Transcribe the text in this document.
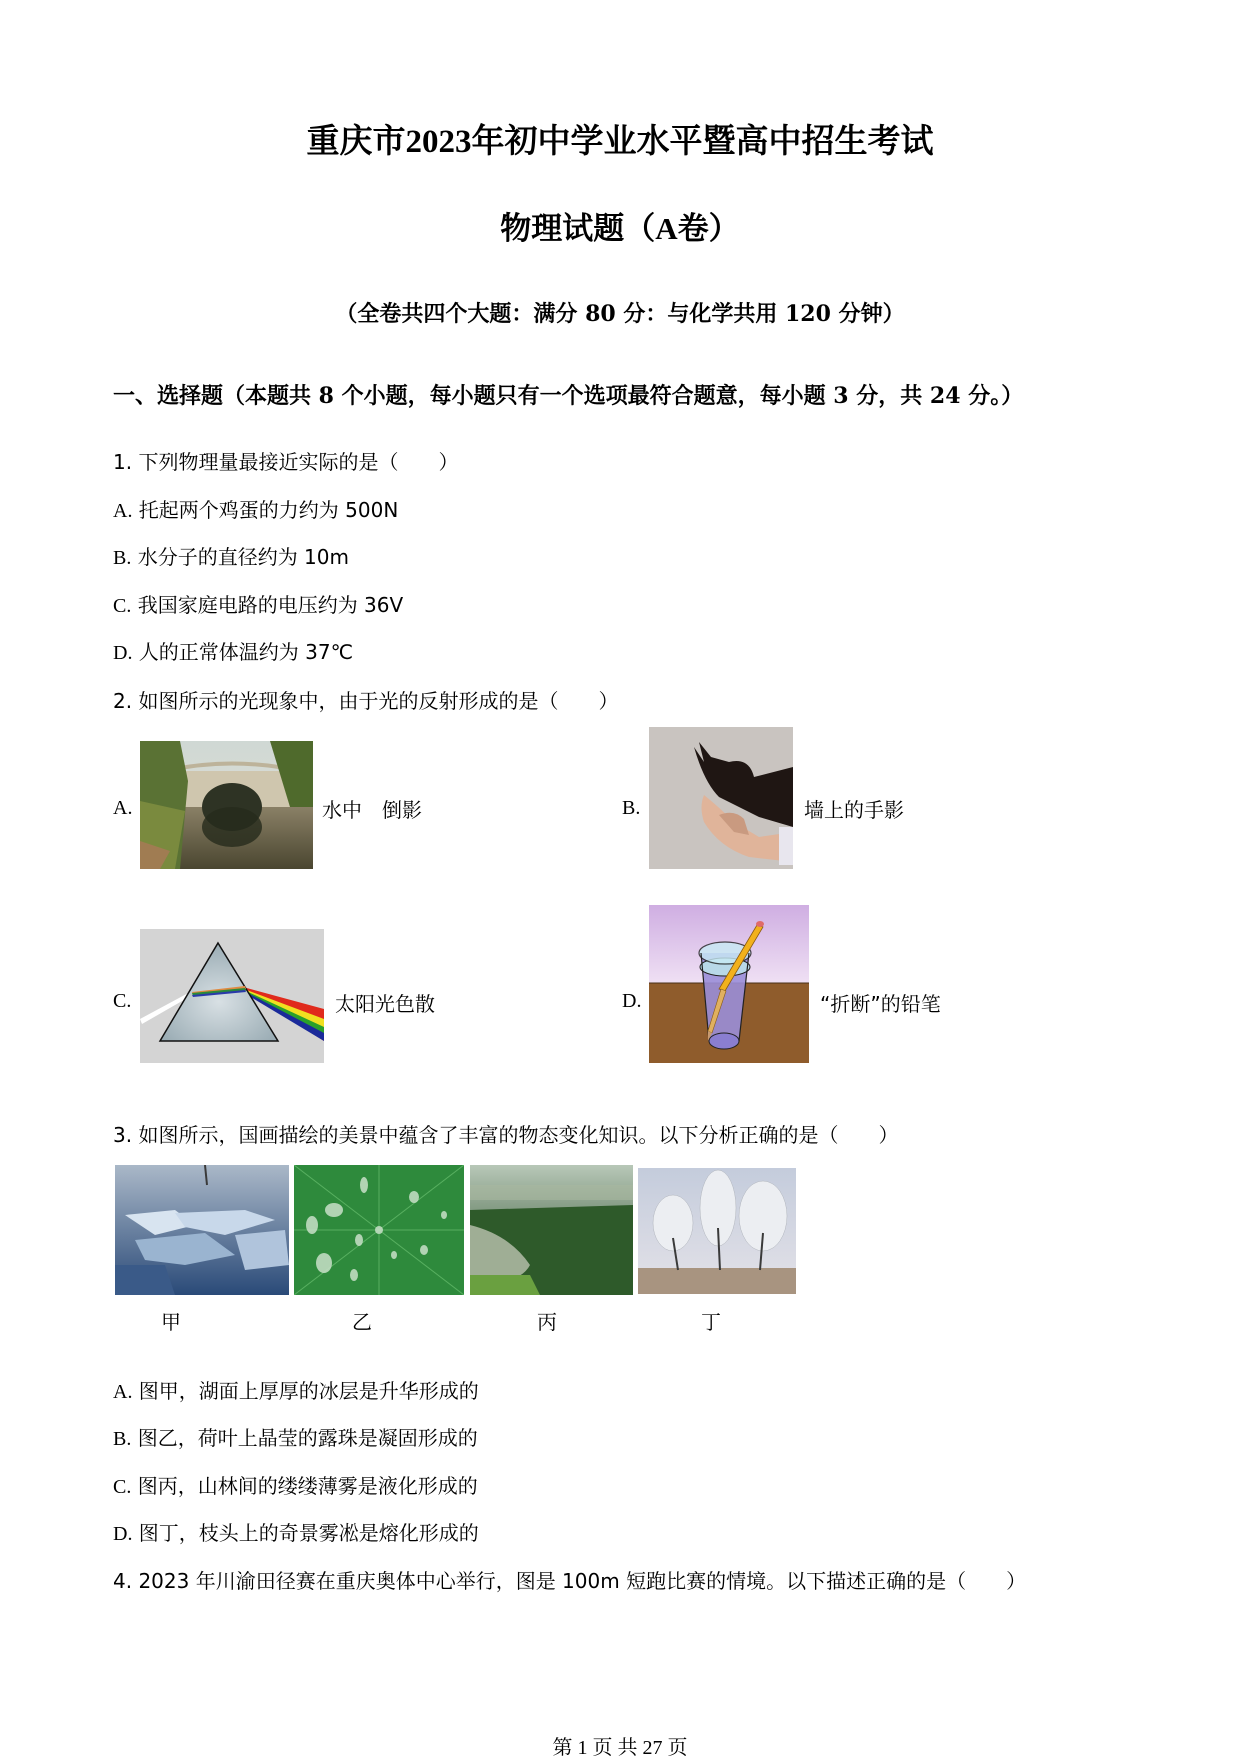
重庆市2023年初中学业水平暨高中招生考试
物理试题（A卷）
（全卷共四个大题：满分 80 分：与化学共用 120 分钟）
一、选择题（本题共 8 个小题，每小题只有一个选项最符合题意，每小题 3 分，共 24 分。）
1. 下列物理量最接近实际的是（　　）
A. 托起两个鸡蛋的力约为 500N
B. 水分子的直径约为 10m
C. 我国家庭电路的电压约为 36V
D. 人的正常体温约为 37℃
2. 如图所示的光现象中，由于光的反射形成的是（　　）
A.	水中　倒影	B.	墙上的手影
C.	太阳光色散	D.	“折断”的铅笔
3. 如图所示，国画描绘的美景中蕴含了丰富的物态变化知识。以下分析正确的是（　　）
甲	乙	丙	丁
A. 图甲，湖面上厚厚的冰层是升华形成的
B. 图乙，荷叶上晶莹的露珠是凝固形成的
C. 图丙，山林间的缕缕薄雾是液化形成的
D. 图丁，枝头上的奇景雾凇是熔化形成的
4. 2023 年川渝田径赛在重庆奥体中心举行，图是 100m 短跑比赛的情境。以下描述正确的是（　　）
第 1 页 共 27 页
